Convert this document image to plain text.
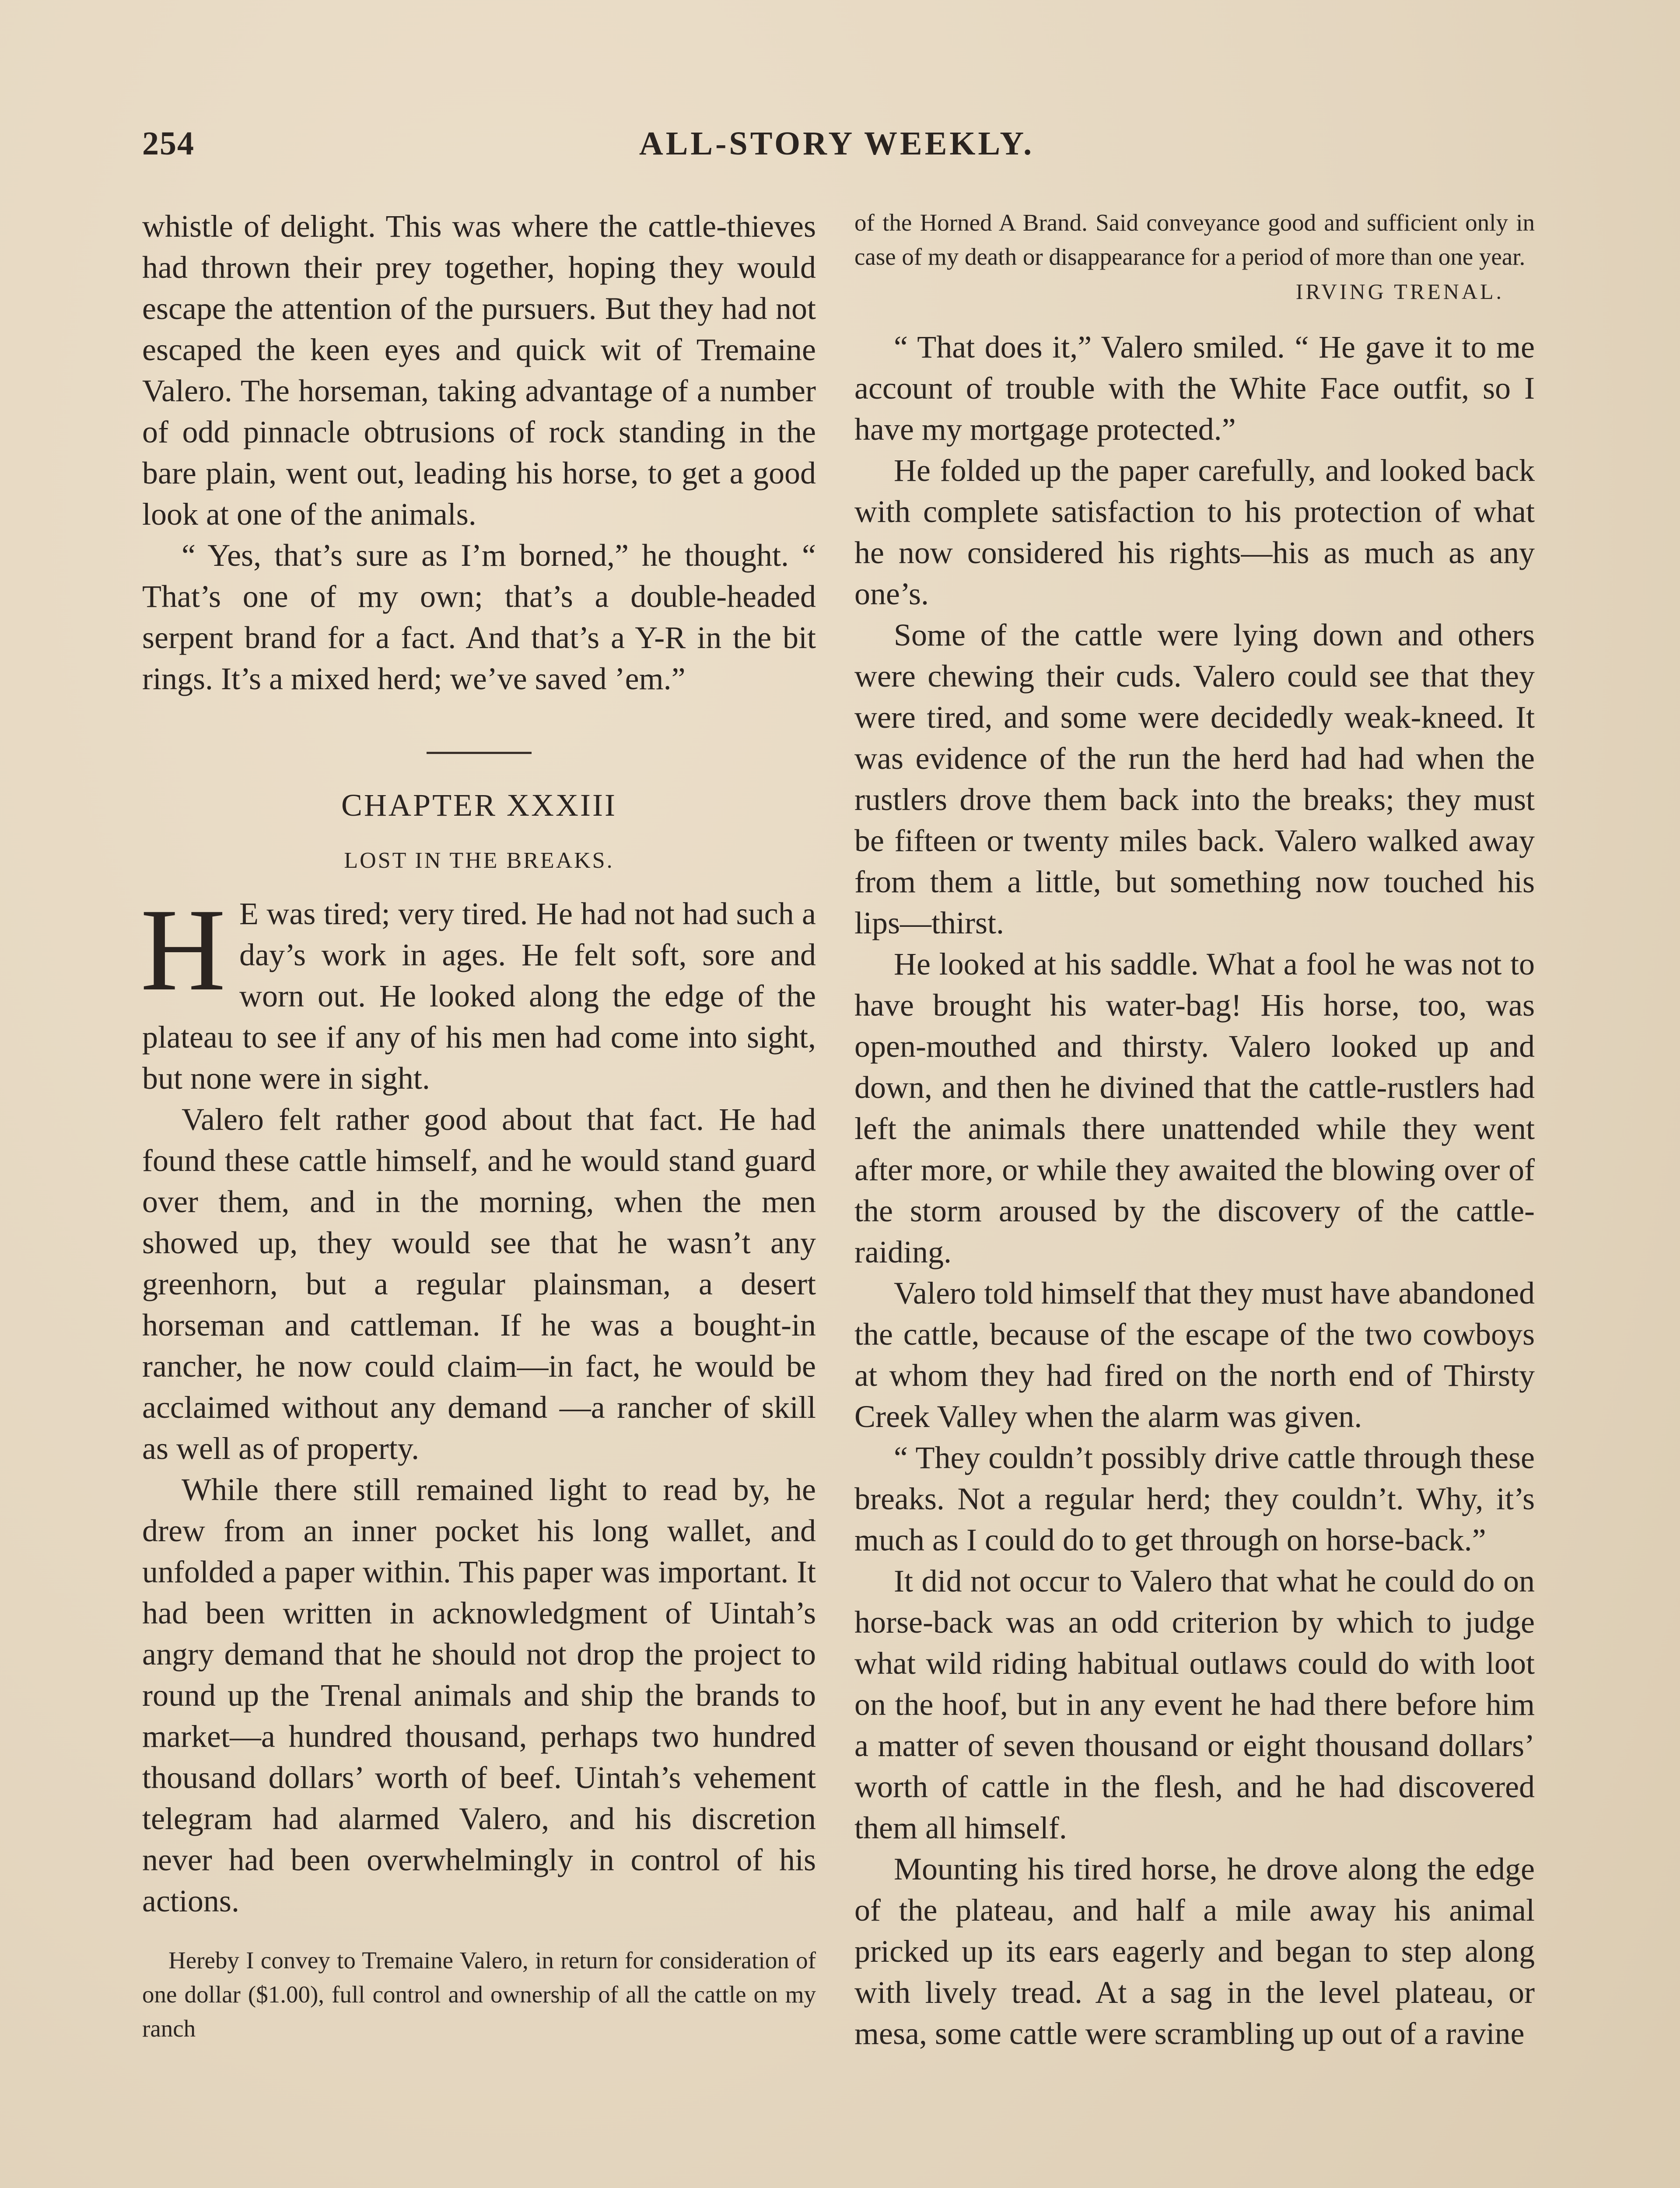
254	ALL-STORY WEEKLY.

whistle of delight. This was where the cattle-thieves had thrown their prey together, hoping they would escape the attention of the pursuers. But they had not escaped the keen eyes and quick wit of Tremaine Valero. The horseman, taking advantage of a number of odd pinnacle obtrusions of rock standing in the bare plain, went out, leading his horse, to get a good look at one of the animals.

“ Yes, that’s sure as I’m borned,” he thought. “ That’s one of my own; that’s a double-headed serpent brand for a fact. And that’s a Y-R in the bit rings. It’s a mixed herd; we’ve saved ’em.”

CHAPTER XXXIII
LOST IN THE BREAKS.
H E was tired; very tired. He had not had such a day’s work in ages. He felt soft, sore and worn out. He looked along the edge of the plateau to see if any of his men had come into sight, but none were in sight.

Valero felt rather good about that fact. He had found these cattle himself, and he would stand guard over them, and in the morning, when the men showed up, they would see that he wasn’t any greenhorn, but a regular plainsman, a desert horseman and cattleman. If he was a bought-in rancher, he now could claim—in fact, he would be acclaimed without any demand —a rancher of skill as well as of property.

While there still remained light to read by, he drew from an inner pocket his long wallet, and unfolded a paper within. This paper was important. It had been written in acknowledgment of Uintah’s angry demand that he should not drop the project to round up the Trenal animals and ship the brands to market—a hundred thousand, perhaps two hundred thousand dollars’ worth of beef. Uintah’s vehement telegram had alarmed Valero, and his discretion never had been overwhelmingly in control of his actions.

Hereby I convey to Tremaine Valero, in return for consideration of one dollar ($1.00), full control and ownership of all the cattle on my ranch

of the Horned A Brand. Said conveyance good and sufficient only in case of my death or disappearance for a period of more than one year.

IRVING TRENAL.

“ That does it,” Valero smiled. “ He gave it to me account of trouble with the White Face outfit, so I have my mortgage protected.”

He folded up the paper carefully, and looked back with complete satisfaction to his protection of what he now considered his rights—his as much as any one’s.

Some of the cattle were lying down and others were chewing their cuds. Valero could see that they were tired, and some were decidedly weak-kneed. It was evidence of the run the herd had had when the rustlers drove them back into the breaks; they must be fifteen or twenty miles back. Valero walked away from them a little, but something now touched his lips—thirst.

He looked at his saddle. What a fool he was not to have brought his water-bag! His horse, too, was open-mouthed and thirsty. Valero looked up and down, and then he divined that the cattle-rustlers had left the animals there unattended while they went after more, or while they awaited the blowing over of the storm aroused by the discovery of the cattle-raiding.

Valero told himself that they must have abandoned the cattle, because of the escape of the two cowboys at whom they had fired on the north end of Thirsty Creek Valley when the alarm was given.

“ They couldn’t possibly drive cattle through these breaks. Not a regular herd; they couldn’t. Why, it’s much as I could do to get through on horse-back.”

It did not occur to Valero that what he could do on horse-back was an odd criterion by which to judge what wild riding habitual outlaws could do with loot on the hoof, but in any event he had there before him a matter of seven thousand or eight thousand dollars’ worth of cattle in the flesh, and he had discovered them all himself.

Mounting his tired horse, he drove along the edge of the plateau, and half a mile away his animal pricked up its ears eagerly and began to step along with lively tread. At a sag in the level plateau, or mesa, some cattle were scrambling up out of a ravine
